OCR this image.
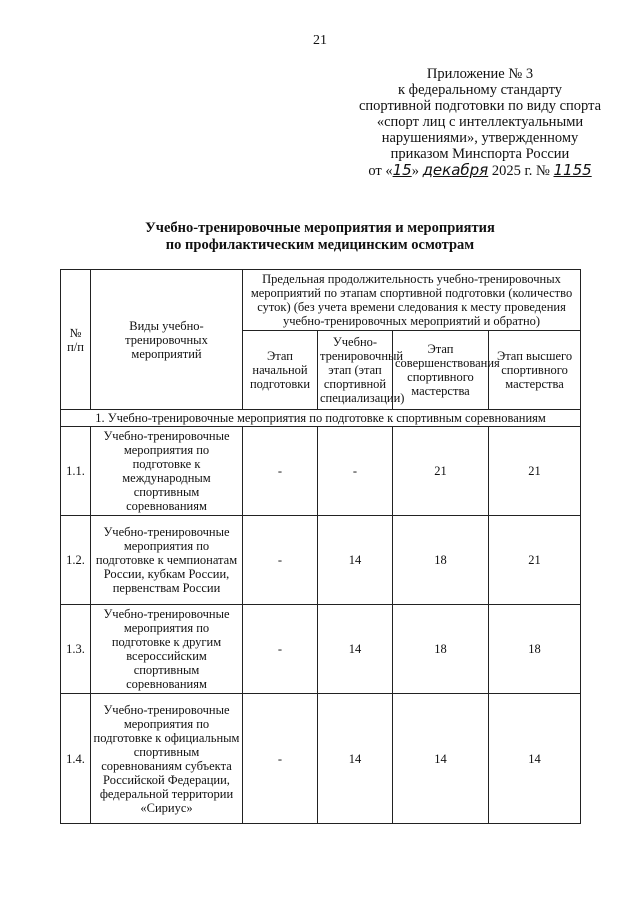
21
Приложение № 3
к федеральному стандарту
спортивной подготовки по виду спорта
«спорт лиц с интеллектуальными
нарушениями», утвержденному
приказом Минспорта России
от «15» декабря 2025 г. № 1155
Учебно-тренировочные мероприятия и мероприятия
по профилактическим медицинским осмотрам
№ п/п	Виды учебно-тренировочных мероприятий	Предельная продолжительность учебно-тренировочных мероприятий по этапам спортивной подготовки (количество суток) (без учета времени следования к месту проведения учебно-тренировочных мероприятий и обратно)			
		Этап начальной подготовки	Учебно-тренировочный этап (этап спортивной специализации)	Этап совершенствования спортивного мастерства	Этап высшего спортивного мастерства
1. Учебно-тренировочные мероприятия по подготовке к спортивным соревнованиям					
1.1.	Учебно-тренировочные мероприятия по подготовке к международным спортивным соревнованиям	-	-	21	21
1.2.	Учебно-тренировочные мероприятия по подготовке к чемпионатам России, кубкам России, первенствам России	-	14	18	21
1.3.	Учебно-тренировочные мероприятия по подготовке к другим всероссийским спортивным соревнованиям	-	14	18	18
1.4.	Учебно-тренировочные мероприятия по подготовке к официальным спортивным соревнованиям субъекта Российской Федерации, федеральной территории «Сириус»	-	14	14	14
